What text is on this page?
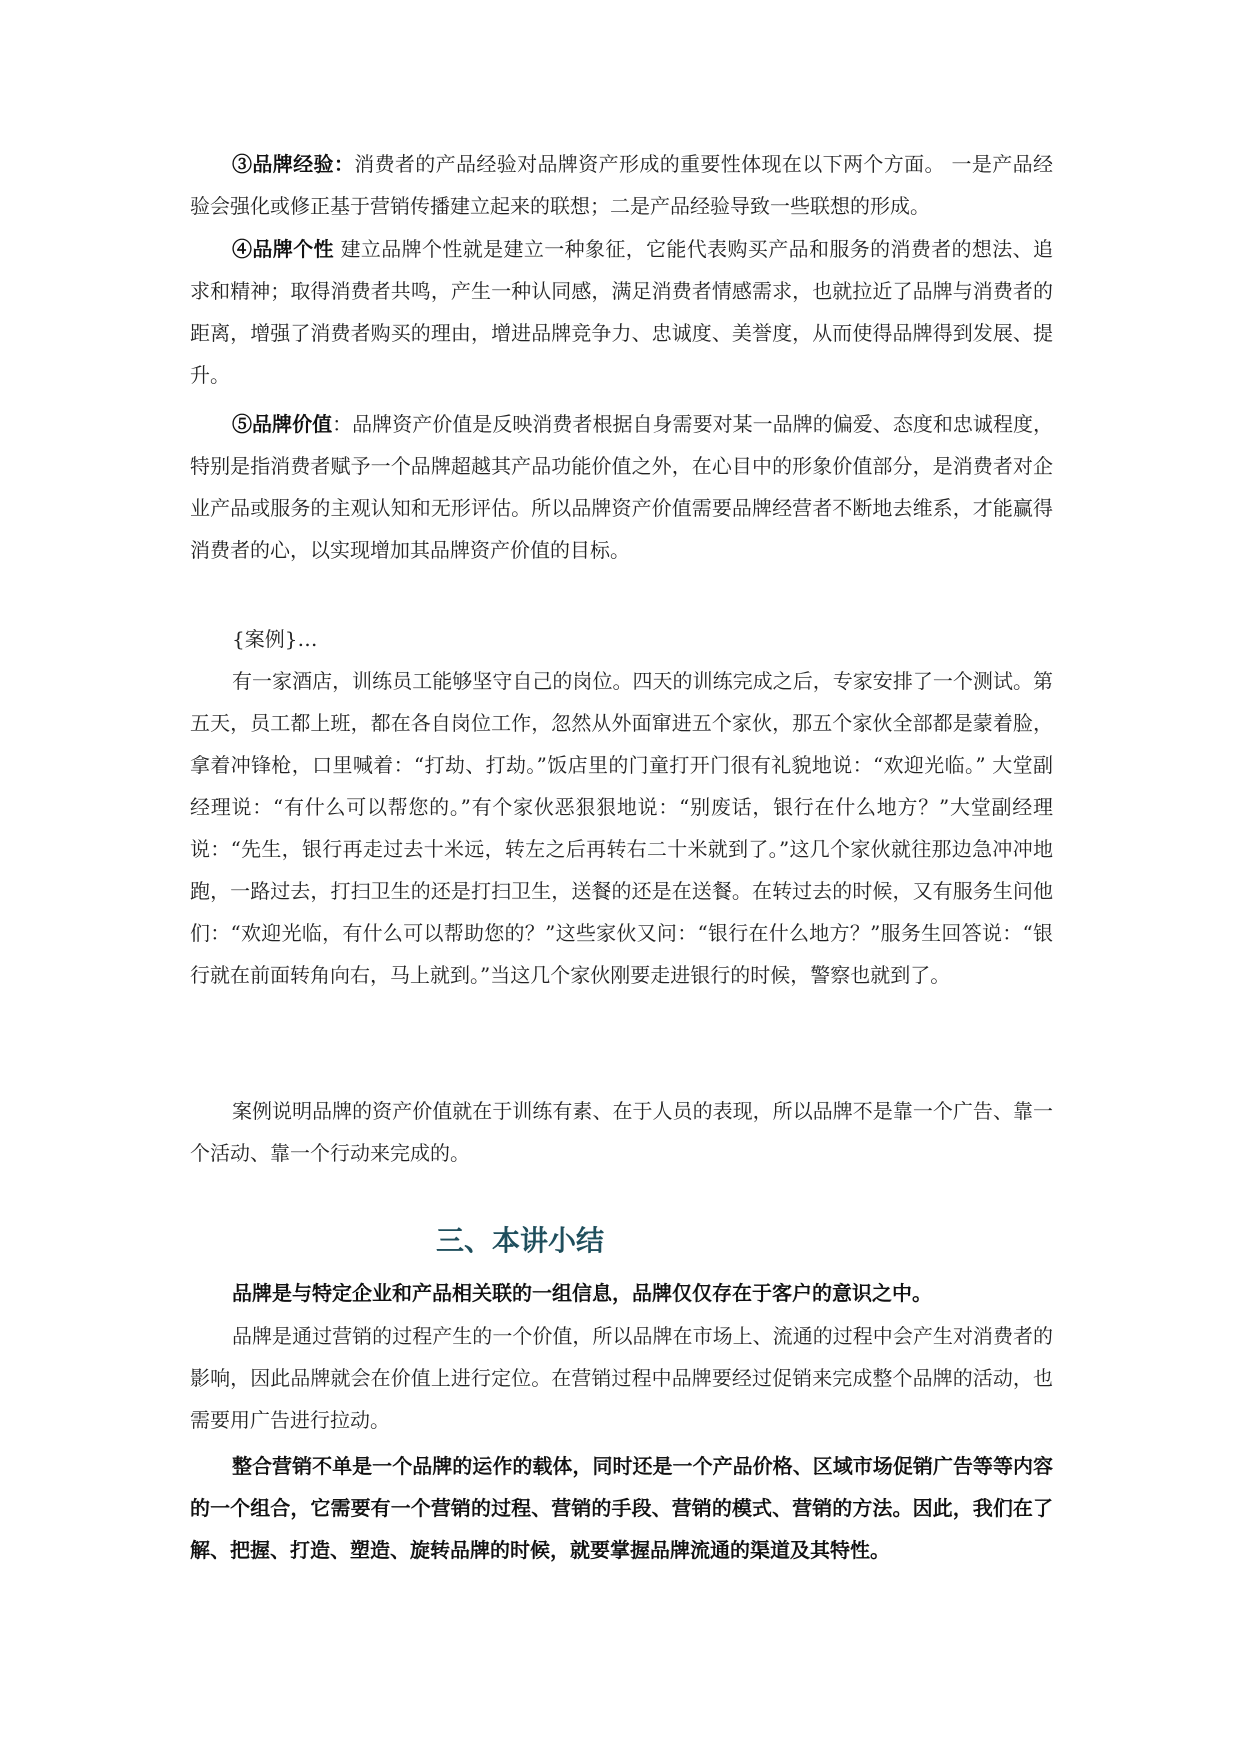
③品牌经验：消费者的产品经验对品牌资产形成的重要性体现在以下两个方面。 一是产品经验会强化或修正基于营销传播建立起来的联想；二是产品经验导致一些联想的形成。

④品牌个性 建立品牌个性就是建立一种象征，它能代表购买产品和服务的消费者的想法、追求和精神；取得消费者共鸣，产生一种认同感，满足消费者情感需求，也就拉近了品牌与消费者的距离，增强了消费者购买的理由，增进品牌竞争力、忠诚度、美誉度，从而使得品牌得到发展、提升。

⑤品牌价值：品牌资产价值是反映消费者根据自身需要对某一品牌的偏爱、态度和忠诚程度，特别是指消费者赋予一个品牌超越其产品功能价值之外，在心目中的形象价值部分，是消费者对企业产品或服务的主观认知和无形评估。所以品牌资产价值需要品牌经营者不断地去维系，才能赢得消费者的心，以实现增加其品牌资产价值的目标。

{案例}…

有一家酒店，训练员工能够坚守自己的岗位。四天的训练完成之后，专家安排了一个测试。第五天，员工都上班，都在各自岗位工作，忽然从外面窜进五个家伙，那五个家伙全部都是蒙着脸，拿着冲锋枪，口里喊着：“打劫、打劫。”饭店里的门童打开门很有礼貌地说：“欢迎光临。” 大堂副经理说：“有什么可以帮您的。”有个家伙恶狠狠地说：“别废话，银行在什么地方？”大堂副经理说：“先生，银行再走过去十米远，转左之后再转右二十米就到了。”这几个家伙就往那边急冲冲地跑，一路过去，打扫卫生的还是打扫卫生，送餐的还是在送餐。在转过去的时候，又有服务生问他们：“欢迎光临，有什么可以帮助您的？”这些家伙又问：“银行在什么地方？”服务生回答说：“银行就在前面转角向右，马上就到。”当这几个家伙刚要走进银行的时候，警察也就到了。

案例说明品牌的资产价值就在于训练有素、在于人员的表现，所以品牌不是靠一个广告、靠一个活动、靠一个行动来完成的。

三、本讲小结

品牌是与特定企业和产品相关联的一组信息，品牌仅仅存在于客户的意识之中。

品牌是通过营销的过程产生的一个价值，所以品牌在市场上、流通的过程中会产生对消费者的影响，因此品牌就会在价值上进行定位。在营销过程中品牌要经过促销来完成整个品牌的活动，也需要用广告进行拉动。

整合营销不单是一个品牌的运作的载体，同时还是一个产品价格、区域市场促销广告等等内容的一个组合，它需要有一个营销的过程、营销的手段、营销的模式、营销的方法。因此，我们在了解、把握、打造、塑造、旋转品牌的时候，就要掌握品牌流通的渠道及其特性。
